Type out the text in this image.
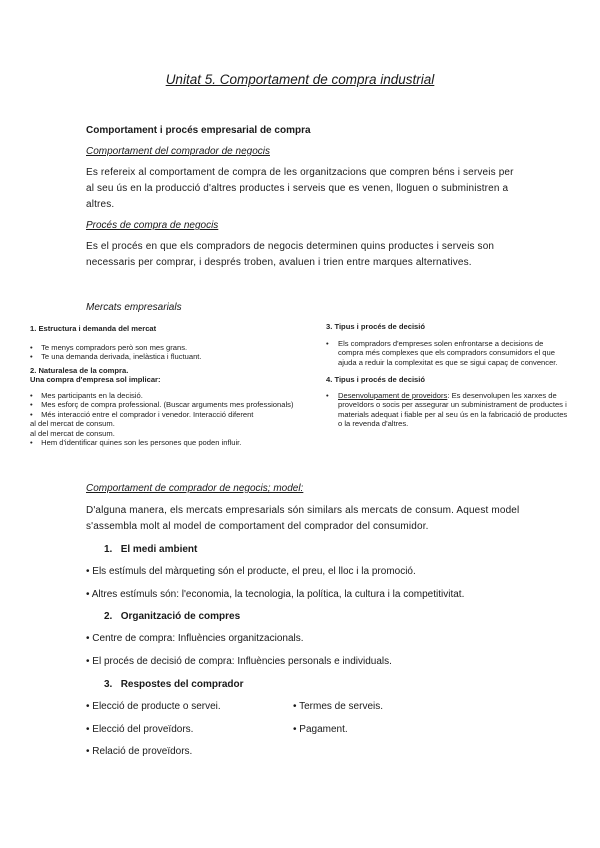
Unitat 5. Comportament de compra industrial
Comportament i procés empresarial de compra
Comportament del comprador de negocis
Es refereix al comportament de compra de les organitzacions que compren béns i serveis per
al seu ús en la producció d'altres productes i serveis que es venen, lloguen o subministren a
altres.
Procés de compra de negocis
Es el procés en que els compradors de negocis determinen quins productes i serveis son
necessaris per comprar, i després troben, avaluen i trien entre marques alternatives.
Mercats empresarials
1. Estructura i demanda del mercat
•    Te menys compradors però son mes grans.
•    Te una demanda derivada, inelàstica i fluctuant.
2. Naturalesa de la compra.
Una compra d'empresa sol implicar:
•    Mes participants en la decisió.
•    Mes esforç de compra professional. (Buscar arguments mes professionals)
•    Més interacció entre el comprador i venedor. Interacció diferent
al del mercat de consum.
al del mercat de consum.
•    Hem d'identificar quines son les persones que poden influir.
3. Tipus i procés de decisió
• Els compradors d'empreses solen enfrontarse a decisions de
compra més complexes que els compradors consumidors el que
ajuda a reduir la complexitat es que se sigui capaç de convencer.
4. Tipus i procés de decisió
• Desenvolupament de proveidors: Es desenvolupen les xarxes de
proveïdors o socis per assegurar un subministrament de productes i
materials adequat i fiable per al seu ús en la fabricació de productes
o la revenda d'altres.
Comportament de comprador de negocis; model:
D'alguna manera, els mercats empresarials són similars als mercats de consum. Aquest model
s'assembla molt al model de comportament del comprador del consumidor.
1. El medi ambient
• Els estímuls del màrqueting són el producte, el preu, el lloc i la promoció.
• Altres estímuls són: l'economia, la tecnologia, la política, la cultura i la competitivitat.
2. Organització de compres
• Centre de compra: Influències organitzacionals.
• El procés de decisió de compra: Influències personals e individuals.
3. Respostes del comprador
• Elecció de producte o servei.
• Elecció del proveïdors.
• Relació de proveïdors.
• Termes de serveis.
• Pagament.
